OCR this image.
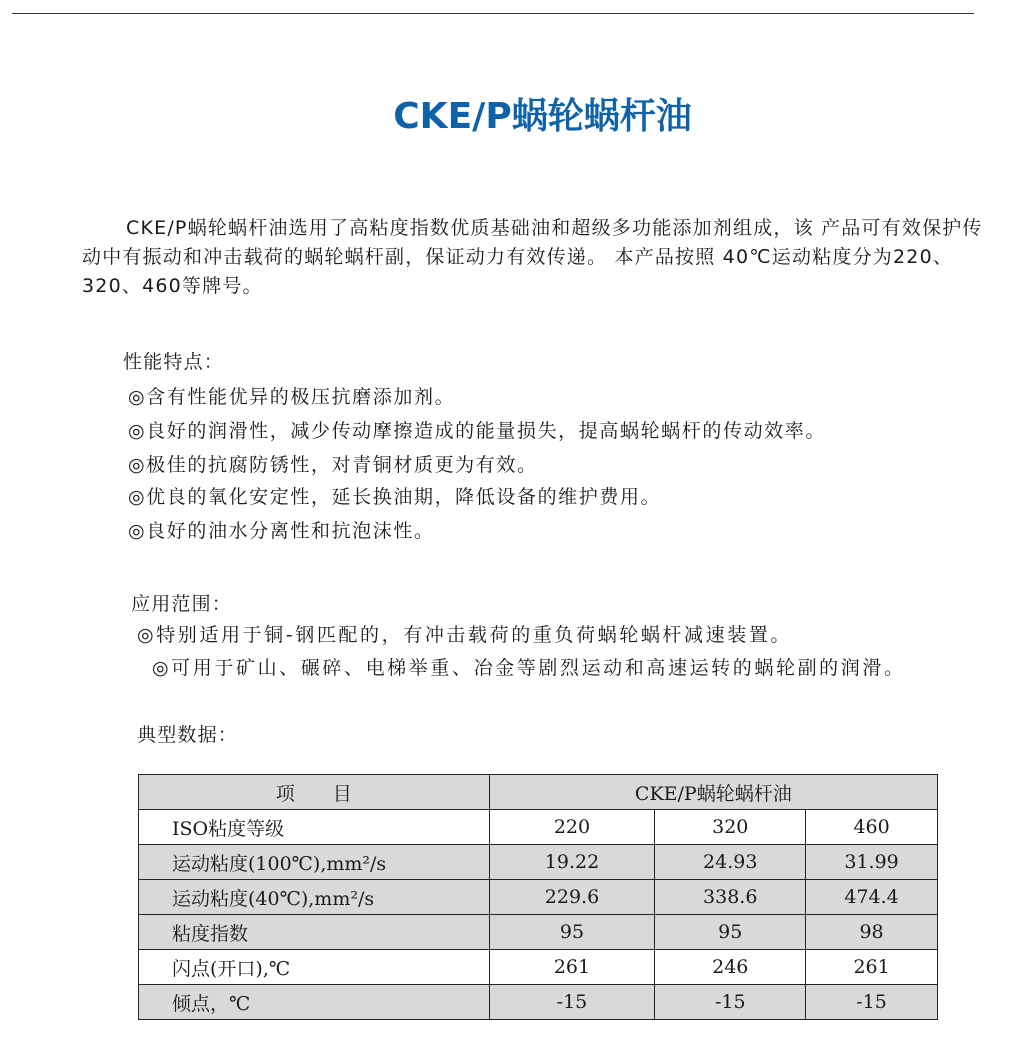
CKE/P蜗轮蜗杆油
CKE/P蜗轮蜗杆油选用了高粘度指数优质基础油和超级多功能添加剂组成，该 产品可有效保护传动中有振动和冲击载荷的蜗轮蜗杆副，保证动力有效传递。 本产品按照 40℃运动粘度分为220、320、460等牌号。
性能特点：
◎含有性能优异的极压抗磨添加剂。
◎良好的润滑性，减少传动摩擦造成的能量损失，提高蜗轮蜗杆的传动效率。
◎极佳的抗腐防锈性，对青铜材质更为有效。
◎优良的氧化安定性，延长换油期，降低设备的维护费用。
◎良好的油水分离性和抗泡沫性。
应用范围：
◎特别适用于铜-钢匹配的，有冲击载荷的重负荷蜗轮蜗杆减速装置。
◎可用于矿山、碾碎、电梯举重、冶金等剧烈运动和高速运转的蜗轮副的润滑。
典型数据：
项　　目	CKE/P蜗轮蜗杆油		
ISO粘度等级	220	320	460
运动粘度(100℃),mm²/s	19.22	24.93	31.99
运动粘度(40℃),mm²/s	229.6	338.6	474.4
粘度指数	95	95	98
闪点(开口),℃	261	246	261
倾点，℃	-15	-15	-15
